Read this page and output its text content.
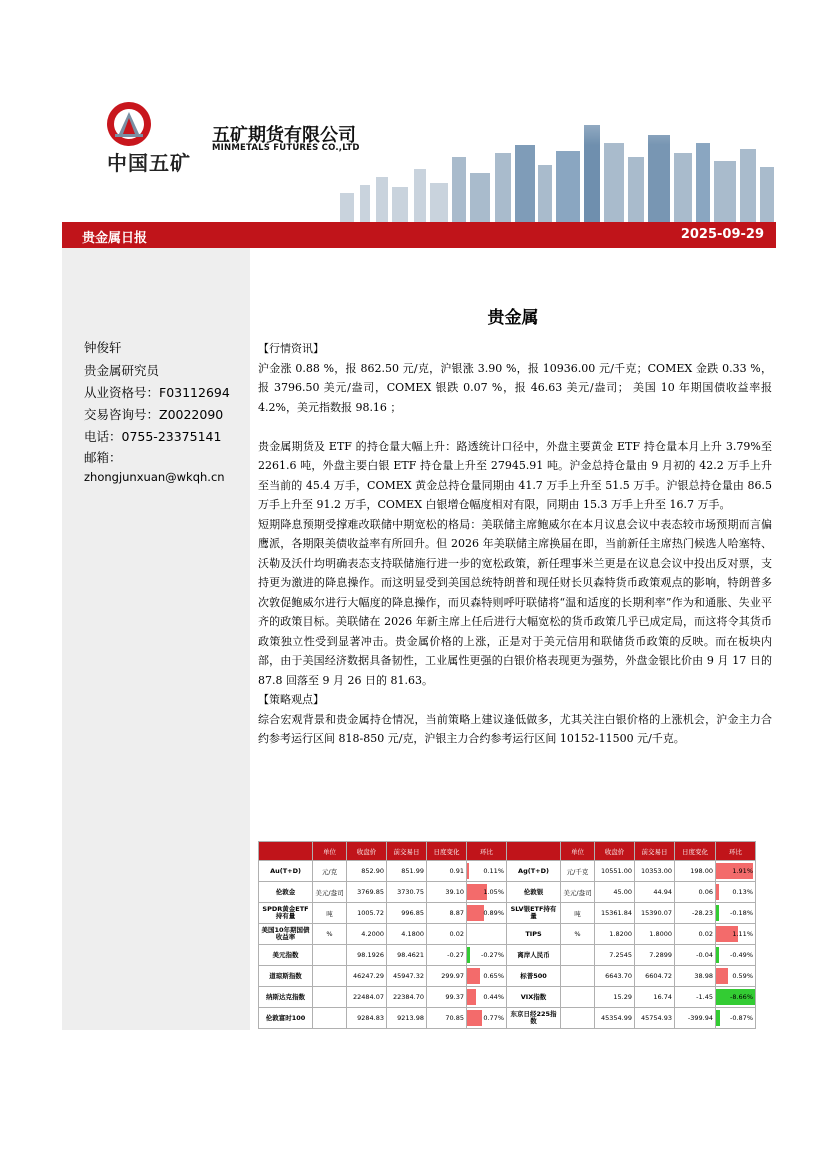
中国五矿
五矿期货有限公司
MINMETALS FUTURES CO.,LTD
贵金属日报	2025-09-29
钟俊轩
贵金属研究员
从业资格号：F03112694
交易咨询号：Z0022090
电话：0755-23375141
邮箱：
zhongjunxuan@wkqh.cn
贵金属

【行情资讯】

沪金涨 0.88 %，报 862.50 元/克，沪银涨 3.90 %，报 10936.00 元/千克；COMEX 金跌 0.33 %，报 3796.50 美元/盎司，COMEX 银跌 0.07 %，报 46.63 美元/盎司； 美国 10 年期国债收益率报 4.2%，美元指数报 98.16 ；

贵金属期货及 ETF 的持仓量大幅上升：路透统计口径中，外盘主要黄金 ETF 持仓量本月上升 3.79%至 2261.6 吨，外盘主要白银 ETF 持仓量上升至 27945.91 吨。沪金总持仓量由 9 月初的 42.2 万手上升至当前的 45.4 万手，COMEX 黄金总持仓量同期由 41.7 万手上升至 51.5 万手。沪银总持仓量由 86.5 万手上升至 91.2 万手，COMEX 白银增仓幅度相对有限，同期由 15.3 万手上升至 16.7 万手。

短期降息预期受撑难改联储中期宽松的格局：美联储主席鲍威尔在本月议息会议中表态较市场预期而言偏鹰派，各期限美债收益率有所回升。但 2026 年美联储主席换届在即，当前新任主席热门候选人哈塞特、沃勒及沃什均明确表态支持联储施行进一步的宽松政策，新任理事米兰更是在议息会议中投出反对票，支持更为激进的降息操作。而这明显受到美国总统特朗普和现任财长贝森特货币政策观点的影响，特朗普多次敦促鲍威尔进行大幅度的降息操作，而贝森特则呼吁联储将“温和适度的长期利率”作为和通胀、失业平齐的政策目标。美联储在 2026 年新主席上任后进行大幅宽松的货币政策几乎已成定局，而这将令其货币政策独立性受到显著冲击。贵金属价格的上涨，正是对于美元信用和联储货币政策的反映。而在板块内部，由于美国经济数据具备韧性，工业属性更强的白银价格表现更为强势，外盘金银比价由 9 月 17 日的 87.8 回落至 9 月 26 日的 81.63。

【策略观点】

综合宏观背景和贵金属持仓情况，当前策略上建议逢低做多，尤其关注白银价格的上涨机会，沪金主力合约参考运行区间 818-850 元/克，沪银主力合约参考运行区间 10152-11500 元/千克。

	单位	收盘价	前交易日	日度变化	环比		单位	收盘价	前交易日	日度变化	环比
Au(T+D)	元/克	852.90	851.99	0.91	0.11%	Ag(T+D)	元/千克	10551.00	10353.00	198.00	1.91%
伦敦金	美元/盎司	3769.85	3730.75	39.10	1.05%	伦敦银	美元/盎司	45.00	44.94	0.06	0.13%
SPDR黄金ETF持有量	吨	1005.72	996.85	8.87	0.89%	SLV银ETF持有量	吨	15361.84	15390.07	-28.23	-0.18%
美国10年期国债收益率	%	4.2000	4.1800	0.02		TIPS	%	1.8200	1.8000	0.02	1.11%
美元指数		98.1926	98.4621	-0.27	-0.27%	离岸人民币		7.2545	7.2899	-0.04	-0.49%
道琼斯指数		46247.29	45947.32	299.97	0.65%	标普500		6643.70	6604.72	38.98	0.59%
纳斯达克指数		22484.07	22384.70	99.37	0.44%	VIX指数		15.29	16.74	-1.45	-8.66%
伦敦富时100		9284.83	9213.98	70.85	0.77%	东京日经225指数		45354.99	45754.93	-399.94	-0.87%
